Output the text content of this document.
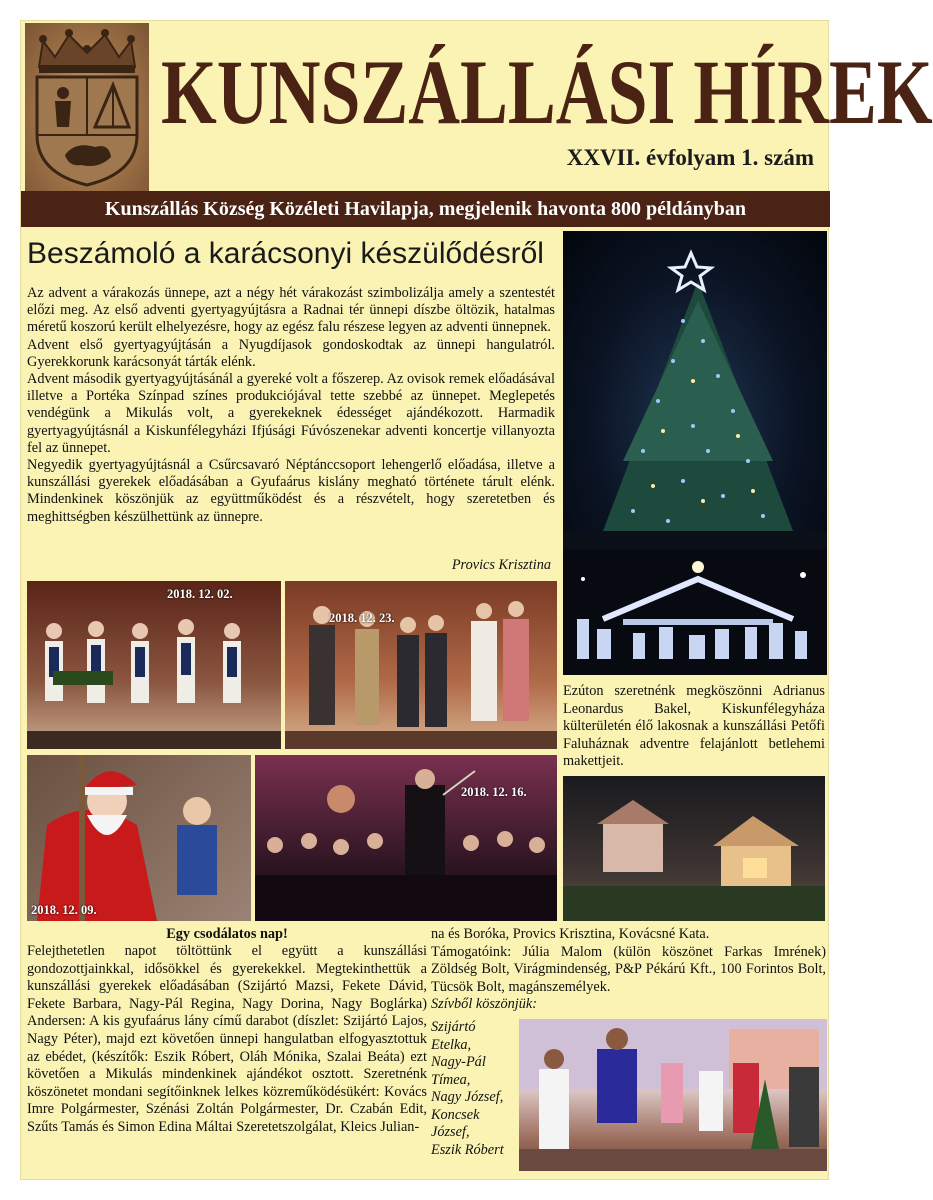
KUNSZÁLLÁSI HÍREK
XXVII. évfolyam 1. szám
Kunszállás Község Közéleti Havilapja, megjelenik havonta 800 példányban
Beszámoló a karácsonyi készülődésről

Az advent a várakozás ünnepe, azt a négy hét várakozást szimbolizálja amely a szentestét előzi meg. Az első adventi gyertyagyújtásra a Radnai tér ünnepi díszbe öltözik, hatalmas méretű koszorú került elhelyezésre, hogy az egész falu részese legyen az adventi ünnepnek.

Advent első gyertyagyújtásán a Nyugdíjasok gondoskodtak az ünnepi hangulatról. Gyerekkorunk karácsonyát tárták elénk.

Advent második gyertyagyújtásánál a gyereké volt a főszerep. Az ovisok remek előadásával illetve a Portéka Színpad színes produkciójával tette szebbé az ünnepet. Meglepetés vendégünk a Mikulás volt, a gyerekeknek édességet ajándékozott. Harmadik gyertyagyújtásnál a Kiskunfélegyházi Ifjúsági Fúvószenekar adventi koncertje villanyozta fel az ünnepet.

Negyedik gyertyagyújtásnál a Csűrcsavaró Néptánccsoport lehengerlő előadása, illetve a kunszállási gyerekek előadásában a Gyufaárus kislány megható története tárult elénk. Mindenkinek köszönjük az együttműködést és a részvételt, hogy szeretetben és meghittségben készülhettünk az ünnepre.

Provics Krisztina
2018. 12. 02.
2018. 12. 23.
2018. 12. 09.
2018. 12. 16.
Ezúton szeretnénk megköszönni Adrianus Leonardus Bakel, Kiskunfélegyháza külterületén élő lakosnak a kunszállási Petőfi Faluháznak adventre felajánlott betlehemi makettjeit.
Egy csodálatos nap!

Felejthetetlen napot töltöttünk el együtt a kunszállási gondozottjainkkal, idősökkel és gyerekekkel. Megtekinthettük a kunszállási gyerekek előadásában (Szijártó Mazsi, Fekete Dávid, Fekete Barbara, Nagy-Pál Regina, Nagy Dorina, Nagy Boglárka) Andersen: A kis gyufaárus lány című darabot (díszlet: Szijártó Lajos, Nagy Péter), majd ezt követően ünnepi hangulatban elfogyasztottuk az ebédet, (készítők: Eszik Róbert, Oláh Mónika, Szalai Beáta) ezt követően a Mikulás mindenkinek ajándékot osztott. Szeretnénk köszönetet mondani segítőinknek lelkes közreműködésükért: Kovács Imre Polgármester, Szénási Zoltán Polgármester, Dr. Czabán Edit, Szűts Tamás és Simon Edina Máltai Szeretetszolgálat, Kleics Julian-

na és Boróka, Provics Krisztina, Kovácsné Kata.

Támogatóink: Júlia Malom (külön köszönet Farkas Imrének) Zöldség Bolt, Virágmindenség, P&P Pékárú Kft., 100 Forintos Bolt, Tücsök Bolt, magánszemélyek.

Szívből köszönjük:

Szijártó
Etelka,
Nagy-Pál
Tímea,
Nagy József,
Koncsek
József,
Eszik Róbert
